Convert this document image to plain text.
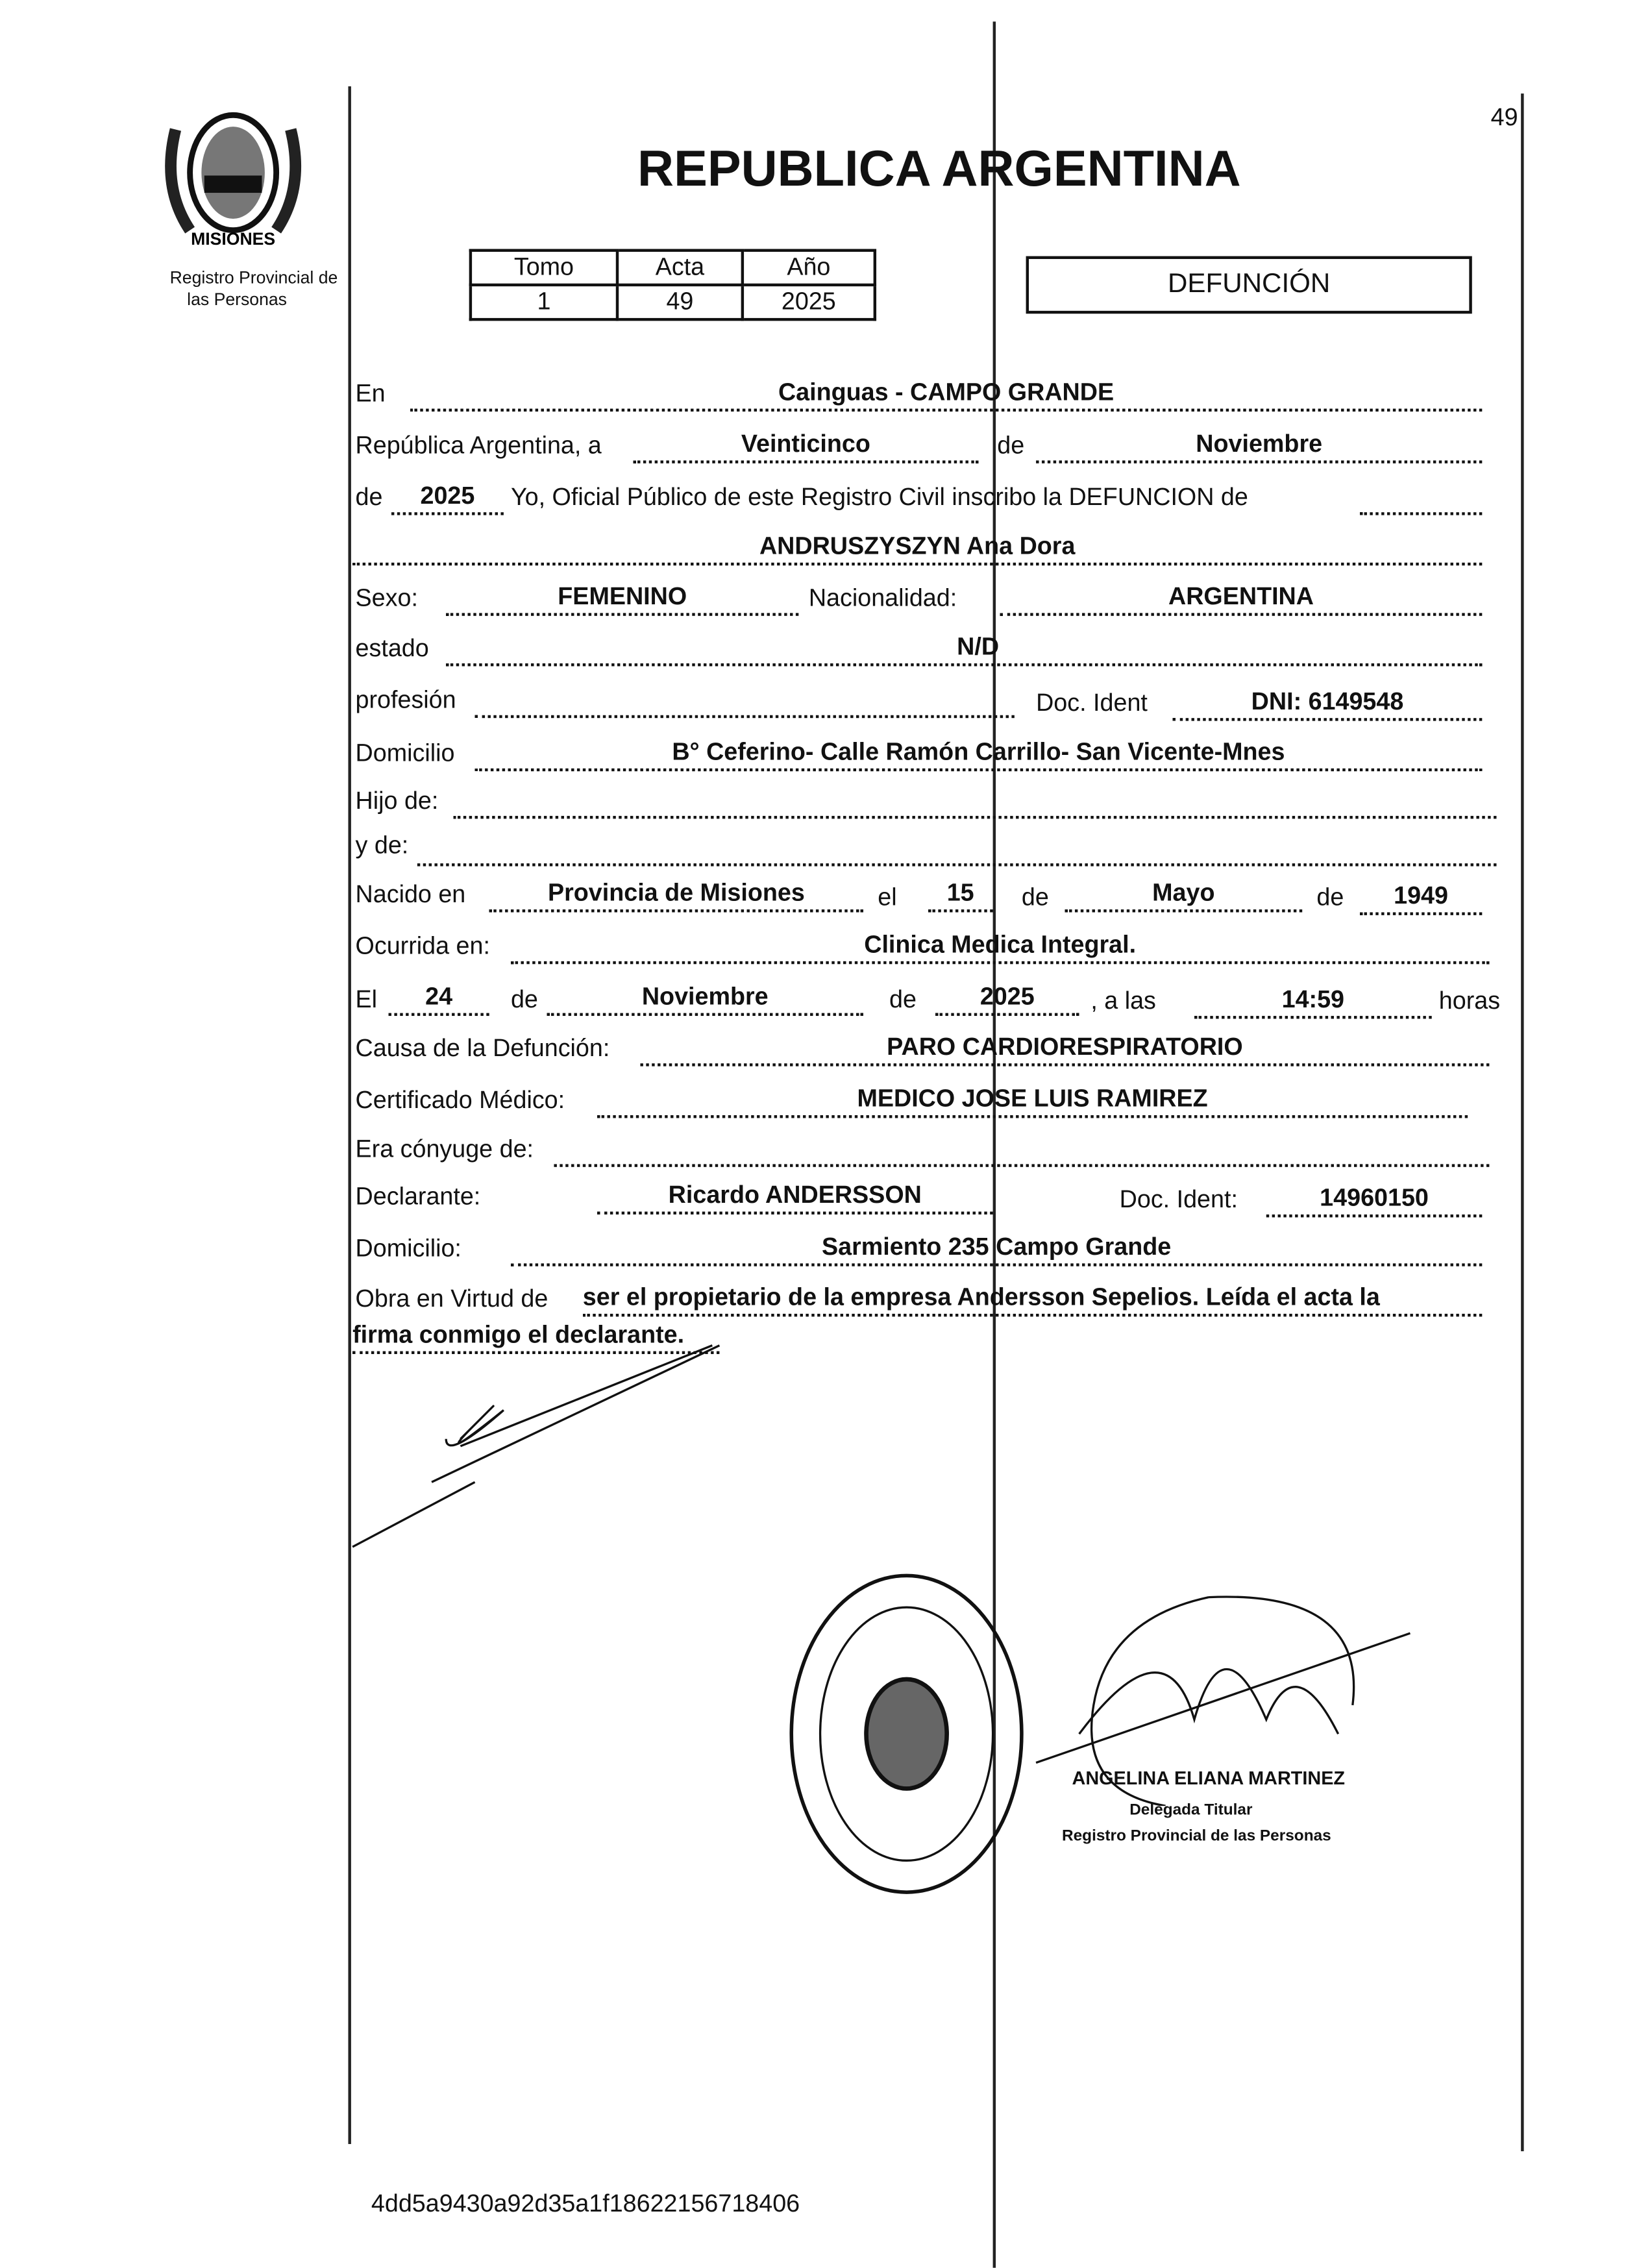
MISIONES
Registro Provincial de
las Personas
49
REPUBLICA ARGENTINA
Tomo	Acta	Año
1	49	2025
DEFUNCIÓN
En	Cainguas - CAMPO GRANDE
República Argentina, a	Veinticinco	de	Noviembre
de	2025	Yo, Oficial Público de este Registro Civil inscribo la DEFUNCION de
ANDRUSZYSZYN Ana Dora
Sexo:	FEMENINO	Nacionalidad:	ARGENTINA
estado	N/D
profesión	Doc. Ident	DNI: 6149548
Domicilio	B° Ceferino- Calle Ramón Carrillo- San Vicente-Mnes
Hijo de:
y de:
Nacido en	Provincia de Misiones	el	15	de	Mayo	de	1949
Ocurrida en:	Clinica Medica Integral.
El	24	de	Noviembre	de	2025	, a las	14:59	horas
Causa de la Defunción:	PARO CARDIORESPIRATORIO
Certificado Médico:	MEDICO JOSE LUIS RAMIREZ
Era cónyuge de:
Declarante:	Ricardo ANDERSSON	Doc. Ident:	14960150
Domicilio:	Sarmiento 235 Campo Grande
Obra en Virtud de	ser el propietario de la empresa Andersson Sepelios. Leída el acta la
firma conmigo el declarante.
ANGELINA ELIANA MARTINEZ
Delegada Titular
Registro Provincial de las Personas
4dd5a9430a92d35a1f18622156718406
